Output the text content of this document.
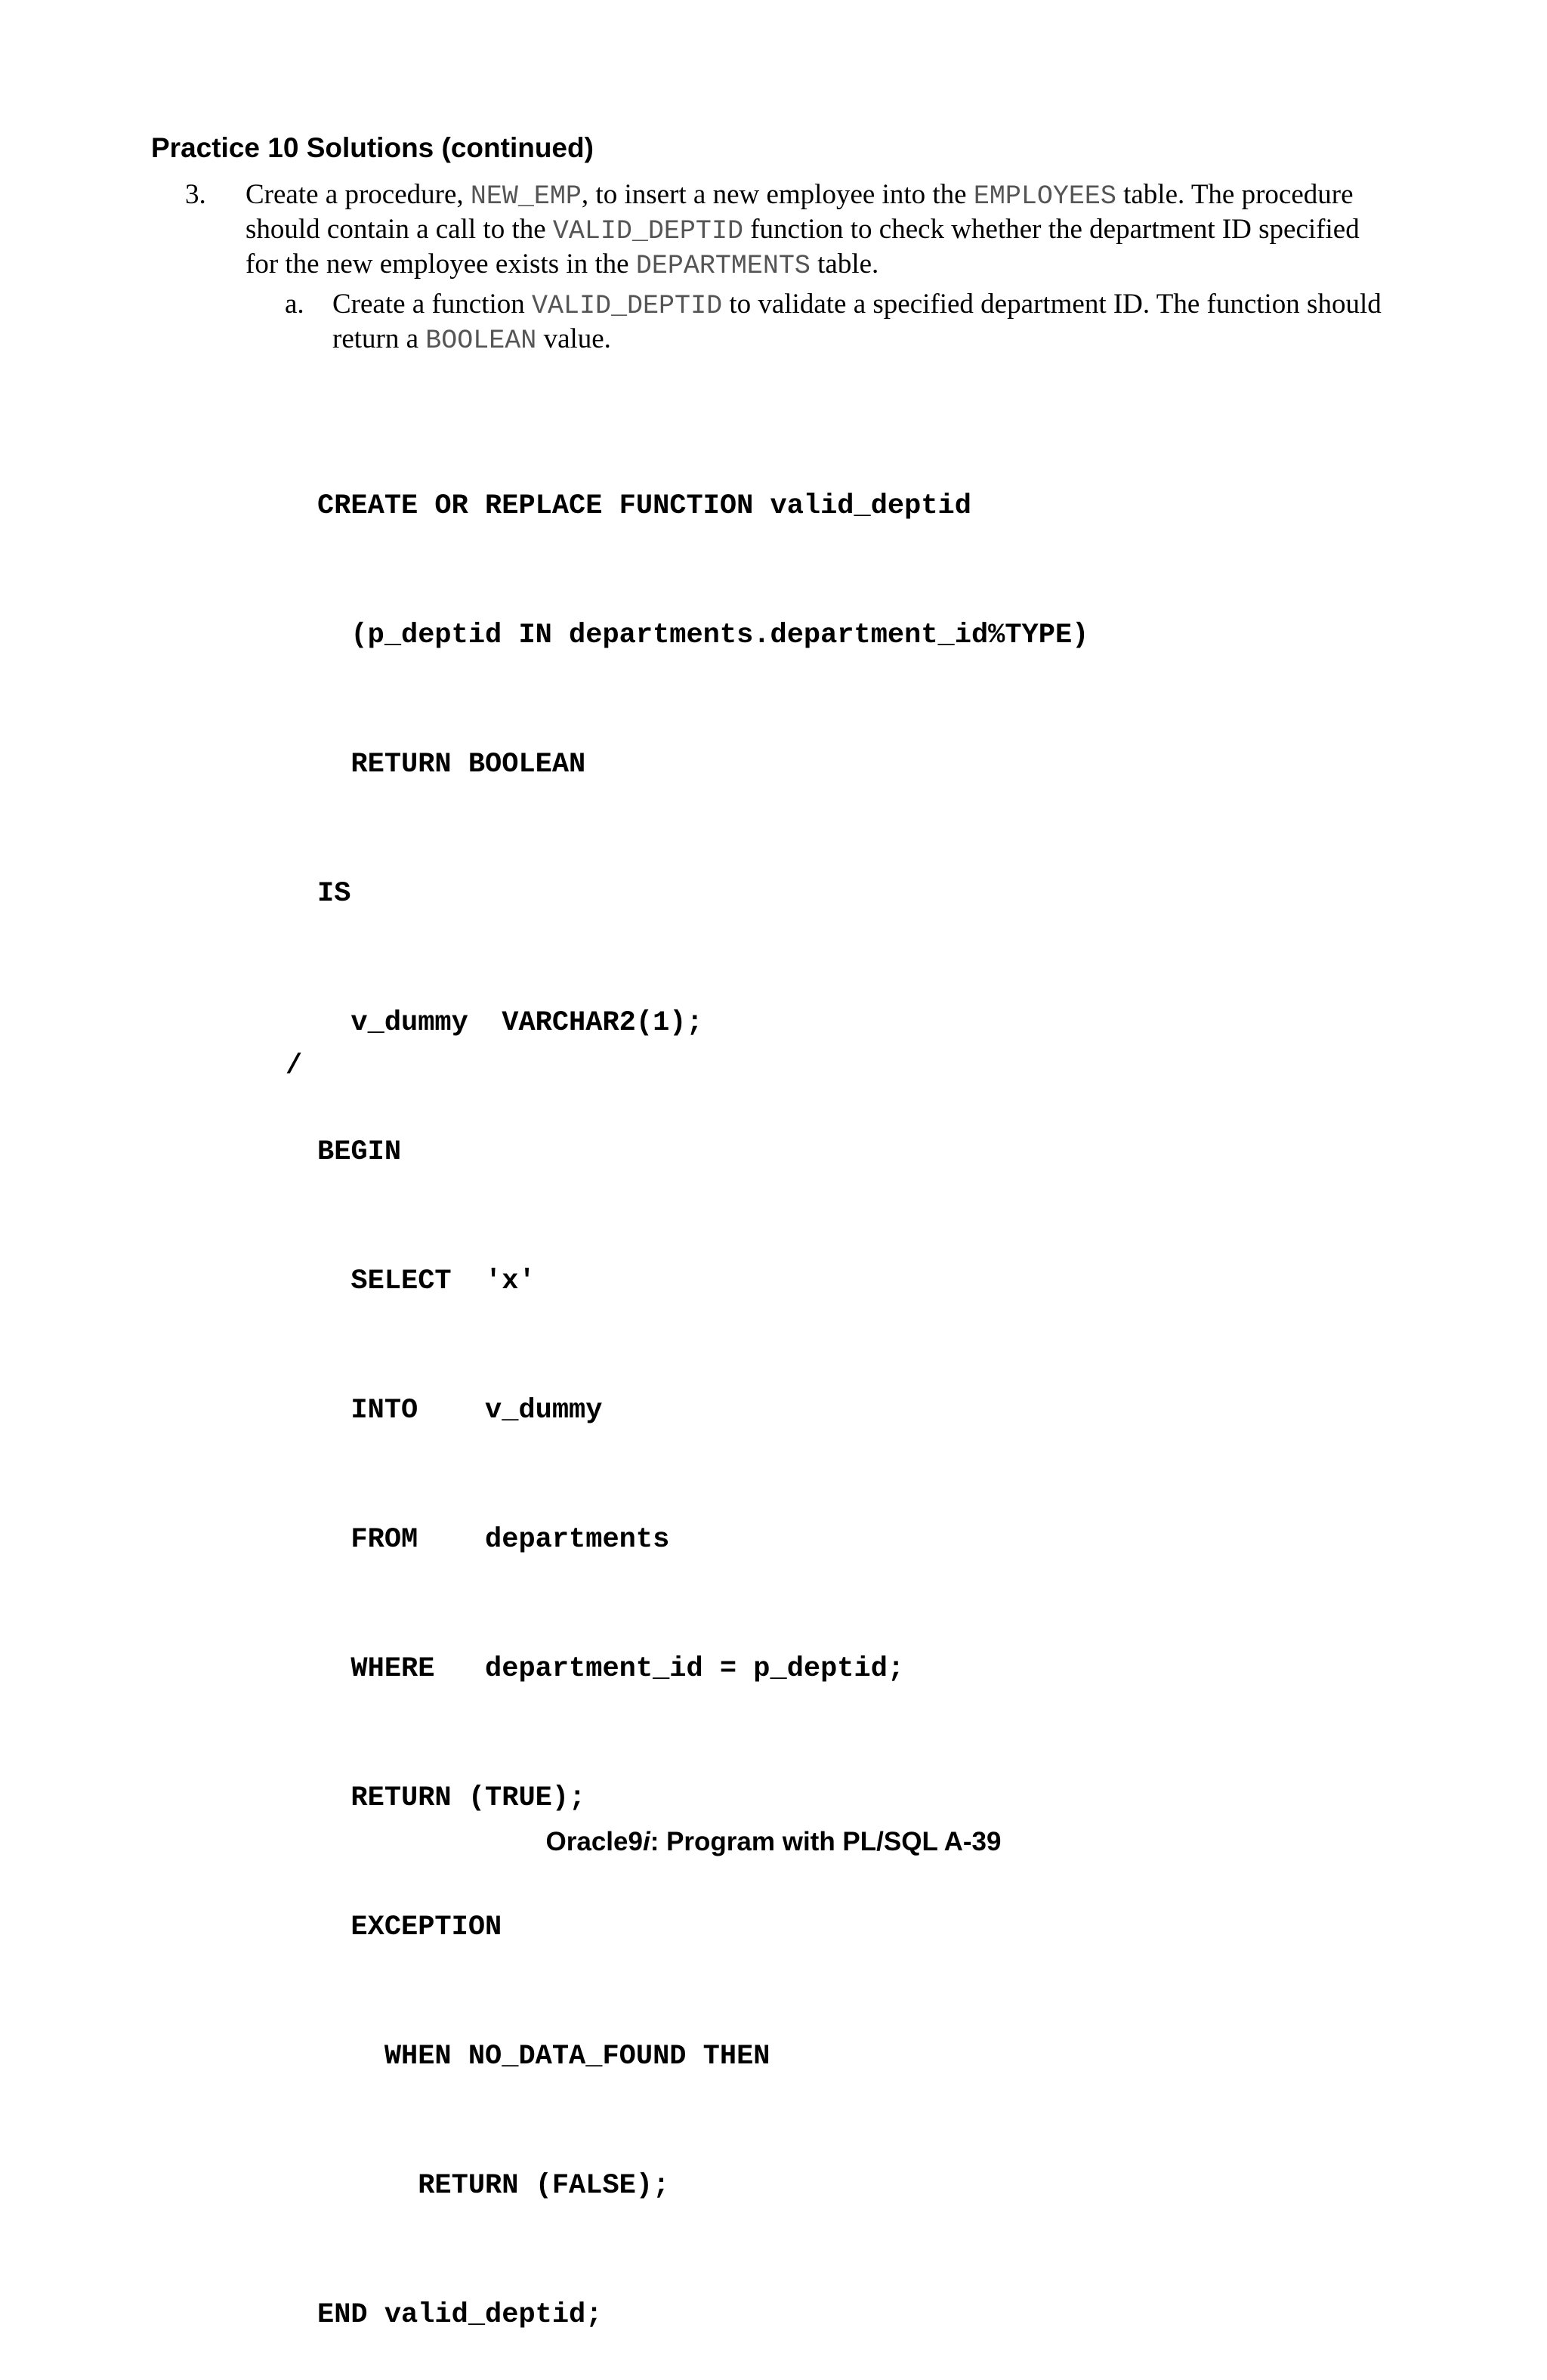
Practice 10 Solutions (continued)
3. Create a procedure, NEW_EMP, to insert a new employee into the EMPLOYEES table. The procedure should contain a call to the VALID_DEPTID function to check whether the department ID specified for the new employee exists in the DEPARTMENTS table.
a. Create a function VALID_DEPTID to validate a specified department ID. The function should return a BOOLEAN value.

CREATE OR REPLACE FUNCTION valid_deptid

(p_deptid IN departments.department_id%TYPE)

RETURN BOOLEAN

IS

v_dummy  VARCHAR2(1);

BEGIN

SELECT  'x'

INTO    v_dummy

FROM    departments

WHERE   department_id = p_deptid;

RETURN (TRUE);

EXCEPTION

WHEN NO_DATA_FOUND THEN

RETURN (FALSE);

END valid_deptid;

/
Oracle9i: Program with PL/SQL A-39
